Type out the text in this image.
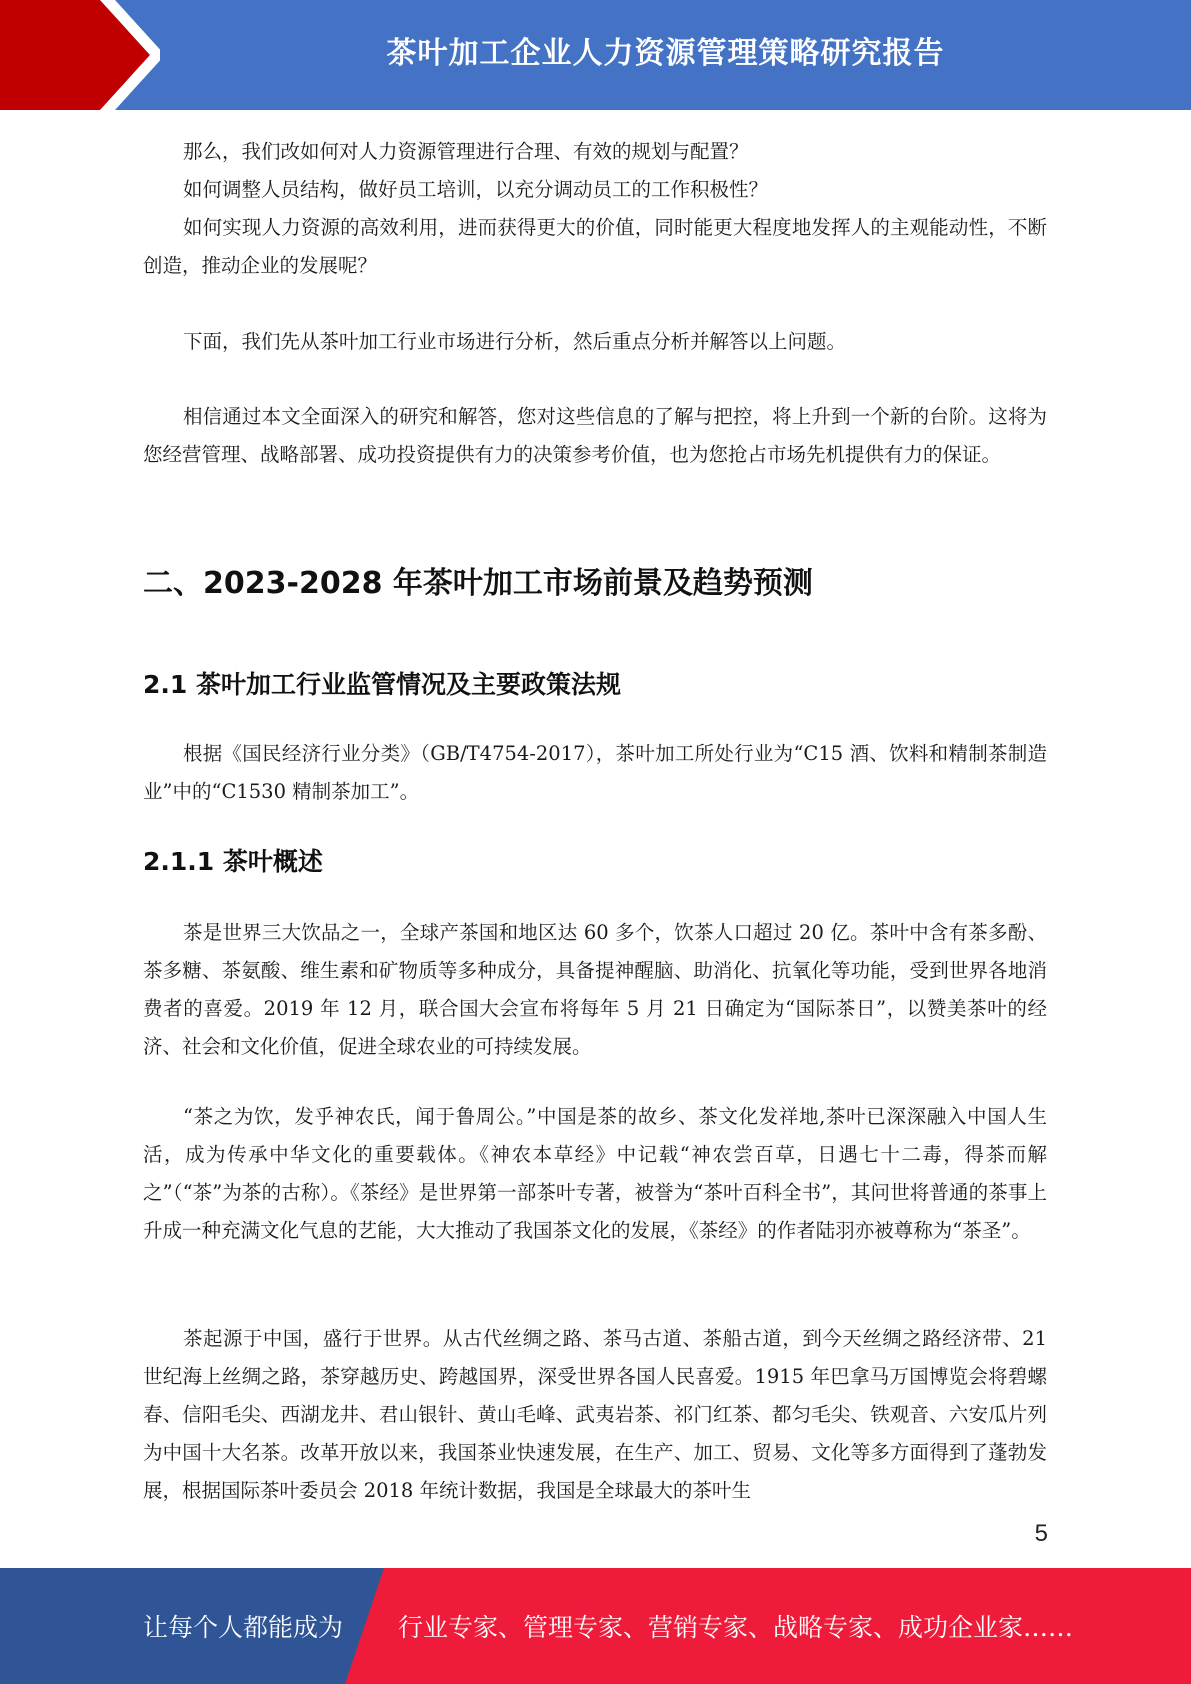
茶叶加工企业人力资源管理策略研究报告

那么，我们改如何对人力资源管理进行合理、有效的规划与配置？

如何调整人员结构，做好员工培训，以充分调动员工的工作积极性？

如何实现人力资源的高效利用，进而获得更大的价值，同时能更大程度地发挥人的主观能动性，不断创造，推动企业的发展呢？

下面，我们先从茶叶加工行业市场进行分析，然后重点分析并解答以上问题。

相信通过本文全面深入的研究和解答，您对这些信息的了解与把控，将上升到一个新的台阶。这将为您经营管理、战略部署、成功投资提供有力的决策参考价值，也为您抢占市场先机提供有力的保证。

二、2023-2028 年茶叶加工市场前景及趋势预测
2.1 茶叶加工行业监管情况及主要政策法规

根据《国民经济行业分类》（GB/T4754-2017），茶叶加工所处行业为“C15 酒、饮料和精制茶制造业”中的“C1530 精制茶加工”。

2.1.1 茶叶概述

茶是世界三大饮品之一，全球产茶国和地区达 60 多个，饮茶人口超过 20 亿。茶叶中含有茶多酚、茶多糖、茶氨酸、维生素和矿物质等多种成分，具备提神醒脑、助消化、抗氧化等功能，受到世界各地消费者的喜爱。2019 年 12 月，联合国大会宣布将每年 5 月 21 日确定为“国际茶日”，以赞美茶叶的经济、社会和文化价值，促进全球农业的可持续发展。

“茶之为饮，发乎神农氏，闻于鲁周公。”中国是茶的故乡、茶文化发祥地,茶叶已深深融入中国人生活，成为传承中华文化的重要载体。《神农本草经》中记载“神农尝百草，日遇七十二毒，得茶而解之”（“茶”为茶的古称）。《茶经》是世界第一部茶叶专著，被誉为“茶叶百科全书”，其问世将普通的茶事上升成一种充满文化气息的艺能，大大推动了我国茶文化的发展，《茶经》的作者陆羽亦被尊称为“茶圣”。

茶起源于中国，盛行于世界。从古代丝绸之路、茶马古道、茶船古道，到今天丝绸之路经济带、21 世纪海上丝绸之路，茶穿越历史、跨越国界，深受世界各国人民喜爱。1915 年巴拿马万国博览会将碧螺春、信阳毛尖、西湖龙井、君山银针、黄山毛峰、武夷岩茶、祁门红茶、都匀毛尖、铁观音、六安瓜片列为中国十大名茶。改革开放以来，我国茶业快速发展，在生产、加工、贸易、文化等多方面得到了蓬勃发展，根据国际茶叶委员会 2018 年统计数据，我国是全球最大的茶叶生

5
让每个人都能成为 行业专家、管理专家、营销专家、战略专家、成功企业家……
